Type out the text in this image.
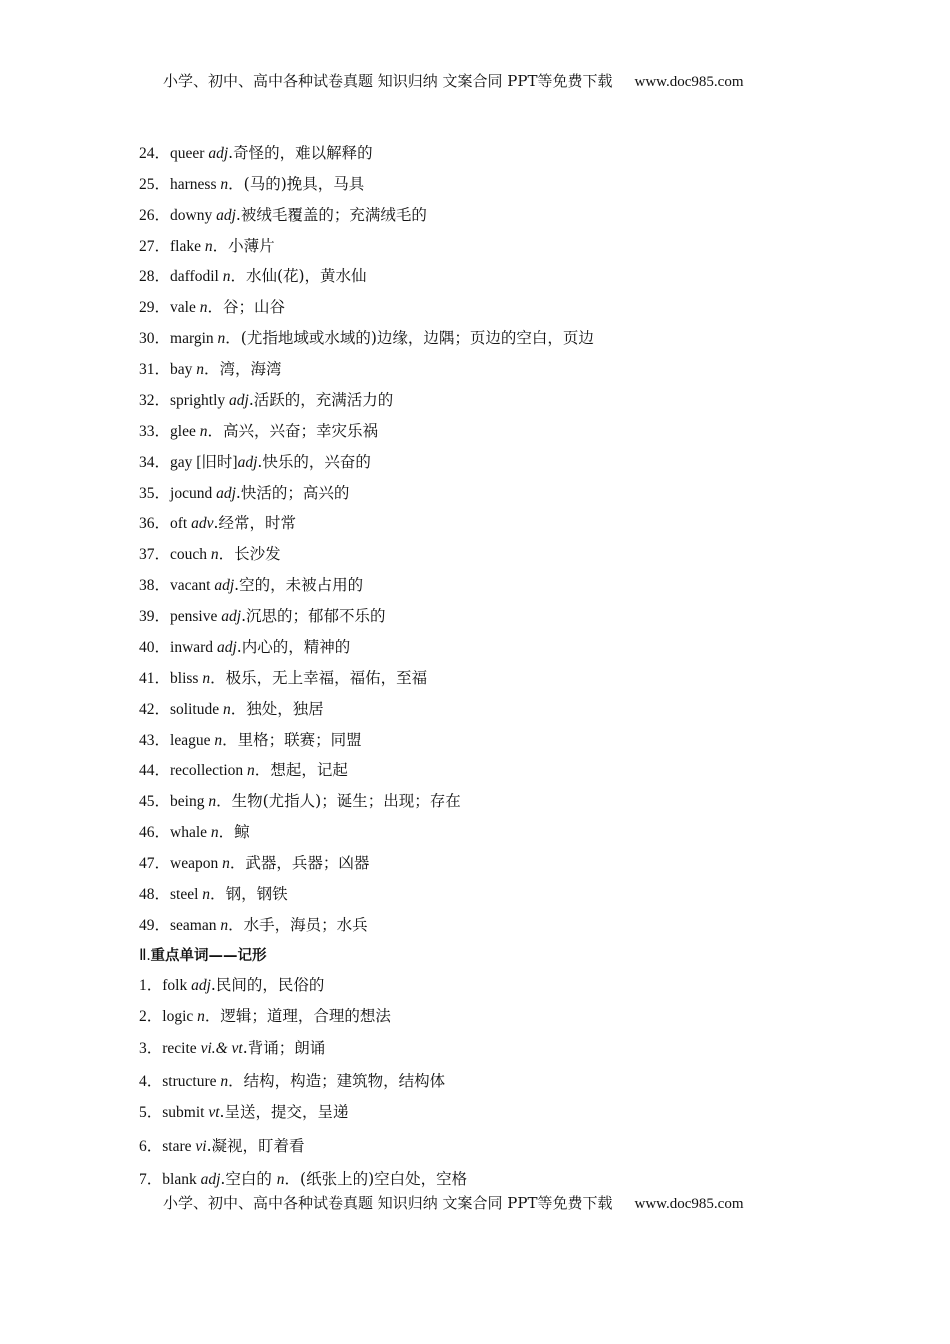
小学、初中、高中各种试卷真题 知识归纳 文案合同 PPT等免费下载 www.doc985.com
24．queer adj.奇怪的，难以解释的
25．harness n．(马的)挽具，马具
26．downy adj.被绒毛覆盖的；充满绒毛的
27．flake n．小薄片
28．daffodil n．水仙(花)，黄水仙
29．vale n．谷；山谷
30．margin n．(尤指地域或水域的)边缘，边隅；页边的空白，页边
31．bay n．湾，海湾
32．sprightly adj.活跃的，充满活力的
33．glee n．高兴，兴奋；幸灾乐祸
34．gay [旧时]adj.快乐的，兴奋的
35．jocund adj.快活的；高兴的
36．oft adv.经常，时常
37．couch n．长沙发
38．vacant adj.空的，未被占用的
39．pensive adj.沉思的；郁郁不乐的
40．inward adj.内心的，精神的
41．bliss n．极乐，无上幸福，福佑，至福
42．solitude n．独处，独居
43．league n．里格；联赛；同盟
44．recollection n．想起，记起
45．being n．生物(尤指人)；诞生；出现；存在
46．whale n．鲸
47．weapon n．武器，兵器；凶器
48．steel n．钢，钢铁
49．seaman n．水手，海员；水兵
Ⅱ.重点单词——记形
1．folk adj.民间的，民俗的
2．logic n．逻辑；道理，合理的想法
3．recite vi.& vt.背诵；朗诵
4．structure n．结构，构造；建筑物，结构体
5．submit vt.呈送，提交，呈递
6．stare vi.凝视，盯着看
7．blank adj.空白的 n．(纸张上的)空白处，空格
小学、初中、高中各种试卷真题 知识归纳 文案合同 PPT等免费下载 www.doc985.com
